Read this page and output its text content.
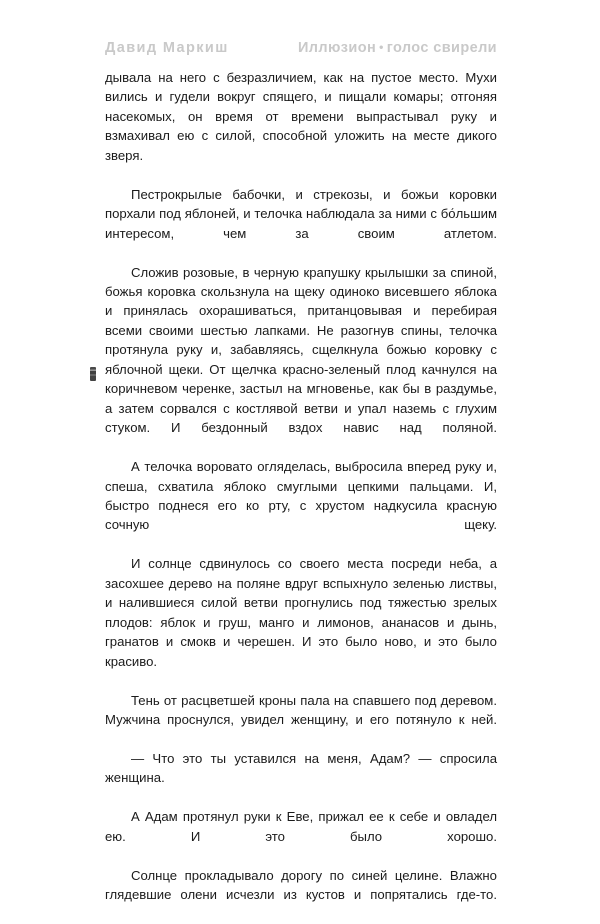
Давид Маркиш	Иллюзион • голос свирели

дывала на него с безразличием, как на пустое место. Мухи вились и гудели вокруг спящего, и пищали комары; отгоняя насекомых, он время от времени выпрастывал руку и взмахивал ею с силой, способной уложить на месте дикого зверя.

Пестрокрылые бабочки, и стрекозы, и божьи коровки порхали под яблоней, и телочка наблюдала за ними с бо́льшим интересом, чем за своим атлетом.

Сложив розовые, в черную крапушку крылышки за спиной, божья коровка скользнула на щеку одиноко висевшего яблока и принялась охорашиваться, пританцовывая и перебирая всеми своими шестью лапками. Не разогнув спины, телочка протянула руку и, забавляясь, сщелкнула божью коровку с яблочной щеки. От щелчка красно-зеленый плод качнулся на коричневом черенке, застыл на мгновенье, как бы в раздумье, а затем сорвался с костлявой ветви и упал наземь с глухим стуком. И бездонный вздох навис над поляной.

А телочка воровато огляделась, выбросила вперед руку и, спеша, схватила яблоко смуглыми цепкими пальцами. И, быстро поднеся его ко рту, с хрустом надкусила красную сочную щеку.

И солнце сдвинулось со своего места посреди неба, а засохшее дерево на поляне вдруг вспыхнуло зеленью листвы, и налившиеся силой ветви прогнулись под тяжестью зрелых плодов: яблок и груш, манго и лимонов, ананасов и дынь, гранатов и смокв и черешен. И это было ново, и это было красиво.

Тень от расцветшей кроны пала на спавшего под деревом. Мужчина проснулся, увидел женщину, и его потянуло к ней.

— Что это ты уставился на меня, Адам? — спросила женщина.

А Адам протянул руки к Еве, прижал ее к себе и овладел ею. И это было хорошо.

Солнце прокладывало дорогу по синей целине. Влажно глядевшие олени исчезли из кустов и попрятались где-то.
